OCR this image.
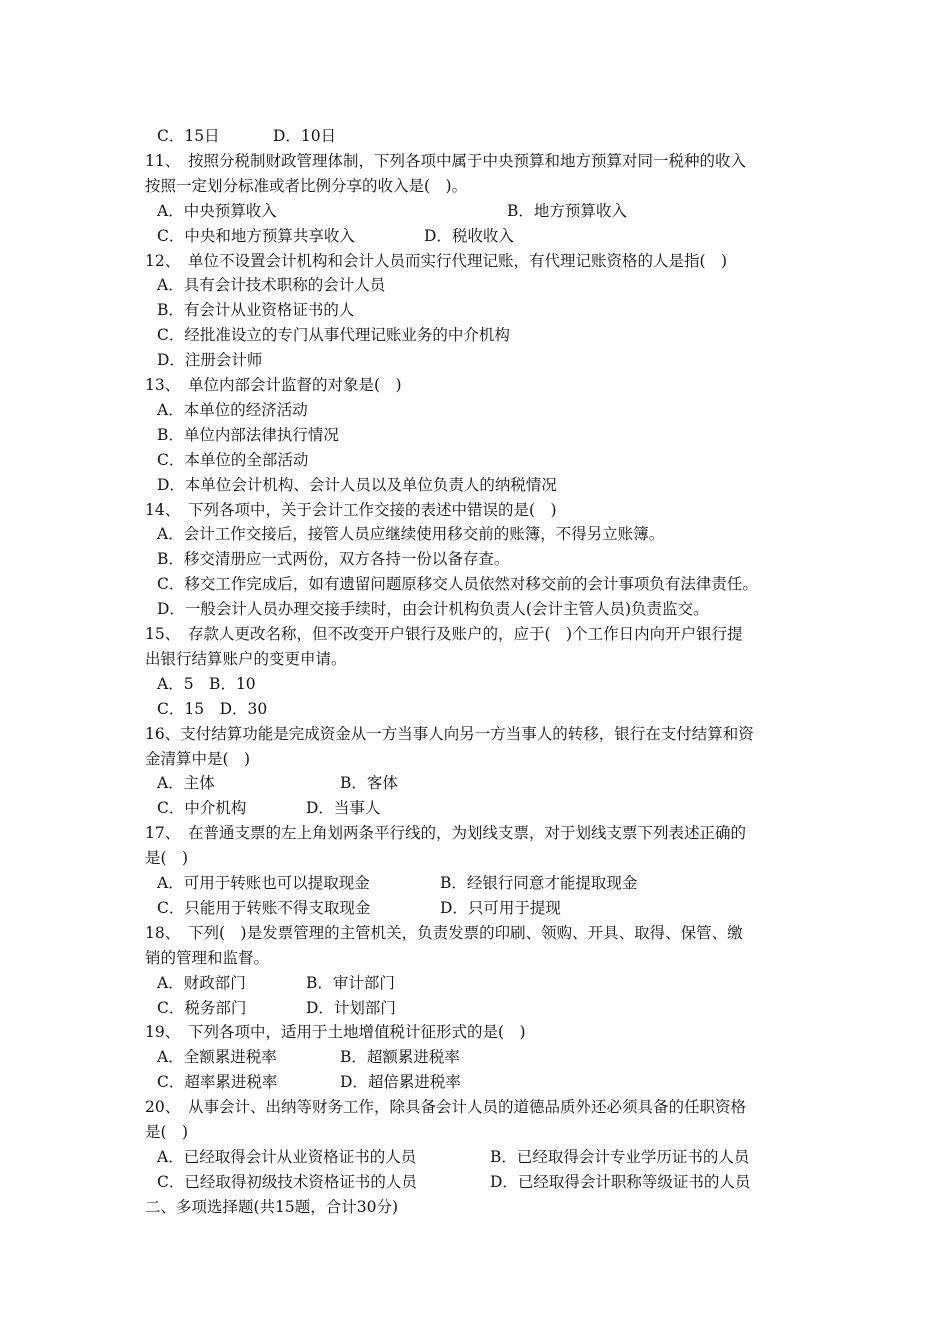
C．15日	D．10日
11、　按照分税制财政管理体制，下列各项中属于中央预算和地方预算对同一税种的收入
按照一定划分标准或者比例分享的收入是(　)。
A．中央预算收入	B．地方预算收入
C．中央和地方预算共享收入	D．税收收入
12、　单位不设置会计机构和会计人员而实行代理记账，有代理记账资格的人是指(　)
A．具有会计技术职称的会计人员
B．有会计从业资格证书的人
C．经批准设立的专门从事代理记账业务的中介机构
D．注册会计师
13、　单位内部会计监督的对象是(　)
A．本单位的经济活动
B．单位内部法律执行情况
C．本单位的全部活动
D．本单位会计机构、会计人员以及单位负责人的纳税情况
14、　下列各项中，关于会计工作交接的表述中错误的是(　)
A．会计工作交接后，接管人员应继续使用移交前的账簿，不得另立账簿。
B．移交清册应一式两份，双方各持一份以备存查。
C．移交工作完成后，如有遗留问题原移交人员依然对移交前的会计事项负有法律责任。
D．一般会计人员办理交接手续时，由会计机构负责人(会计主管人员)负责监交。
15、　存款人更改名称，但不改变开户银行及账户的，应于(　)个工作日内向开户银行提
出银行结算账户的变更申请。
A．5　B．10
C．15　D．30
16、支付结算功能是完成资金从一方当事人向另一方当事人的转移，银行在支付结算和资
金清算中是(　)
A．主体	B．客体
C．中介机构	D．当事人
17、　在普通支票的左上角划两条平行线的，为划线支票，对于划线支票下列表述正确的
是(　)
A．可用于转账也可以提取现金	B．经银行同意才能提取现金
C．只能用于转账不得支取现金	D．只可用于提现
18、　下列(　)是发票管理的主管机关，负责发票的印刷、领购、开具、取得、保管、缴
销的管理和监督。
A．财政部门	B．审计部门
C．税务部门	D．计划部门
19、　下列各项中，适用于土地增值税计征形式的是(　)
A．全额累进税率	B．超额累进税率
C．超率累进税率	D．超倍累进税率
20、　从事会计、出纳等财务工作，除具备会计人员的道德品质外还必须具备的任职资格
是(　)
A．已经取得会计从业资格证书的人员	B．已经取得会计专业学历证书的人员
C．已经取得初级技术资格证书的人员	D．已经取得会计职称等级证书的人员
二、多项选择题(共15题，合计30分)
